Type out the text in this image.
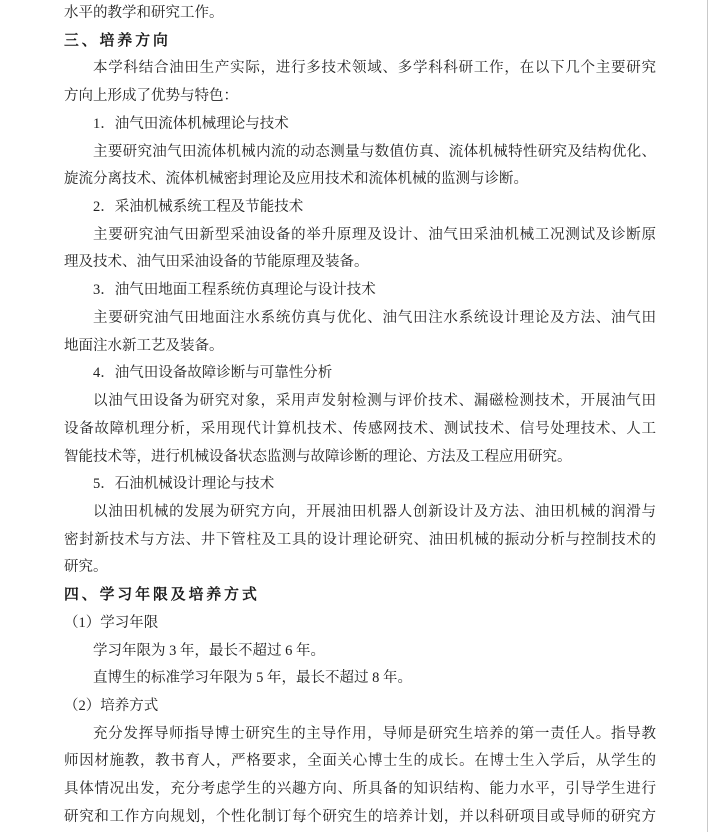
水平的教学和研究工作。
三、培养方向
本学科结合油田生产实际，进行多技术领域、多学科科研工作，在以下几个主要研究
方向上形成了优势与特色：
1．油气田流体机械理论与技术
主要研究油气田流体机械内流的动态测量与数值仿真、流体机械特性研究及结构优化、
旋流分离技术、流体机械密封理论及应用技术和流体机械的监测与诊断。
2．采油机械系统工程及节能技术
主要研究油气田新型采油设备的举升原理及设计、油气田采油机械工况测试及诊断原
理及技术、油气田采油设备的节能原理及装备。
3．油气田地面工程系统仿真理论与设计技术
主要研究油气田地面注水系统仿真与优化、油气田注水系统设计理论及方法、油气田
地面注水新工艺及装备。
4．油气田设备故障诊断与可靠性分析
以油气田设备为研究对象，采用声发射检测与评价技术、漏磁检测技术，开展油气田
设备故障机理分析，采用现代计算机技术、传感网技术、测试技术、信号处理技术、人工
智能技术等，进行机械设备状态监测与故障诊断的理论、方法及工程应用研究。
5．石油机械设计理论与技术
以油田机械的发展为研究方向，开展油田机器人创新设计及方法、油田机械的润滑与
密封新技术与方法、井下管柱及工具的设计理论研究、油田机械的振动分析与控制技术的
研究。
四、学习年限及培养方式
（1）学习年限
学习年限为 3 年，最长不超过 6 年。
直博生的标准学习年限为 5 年，最长不超过 8 年。
（2）培养方式
充分发挥导师指导博士研究生的主导作用，导师是研究生培养的第一责任人。指导教
师因材施教，教书育人，严格要求，全面关心博士生的成长。在博士生入学后，从学生的
具体情况出发，充分考虑学生的兴趣方向、所具备的知识结构、能力水平，引导学生进行
研究和工作方向规划，个性化制订每个研究生的培养计划，并以科研项目或导师的研究方
